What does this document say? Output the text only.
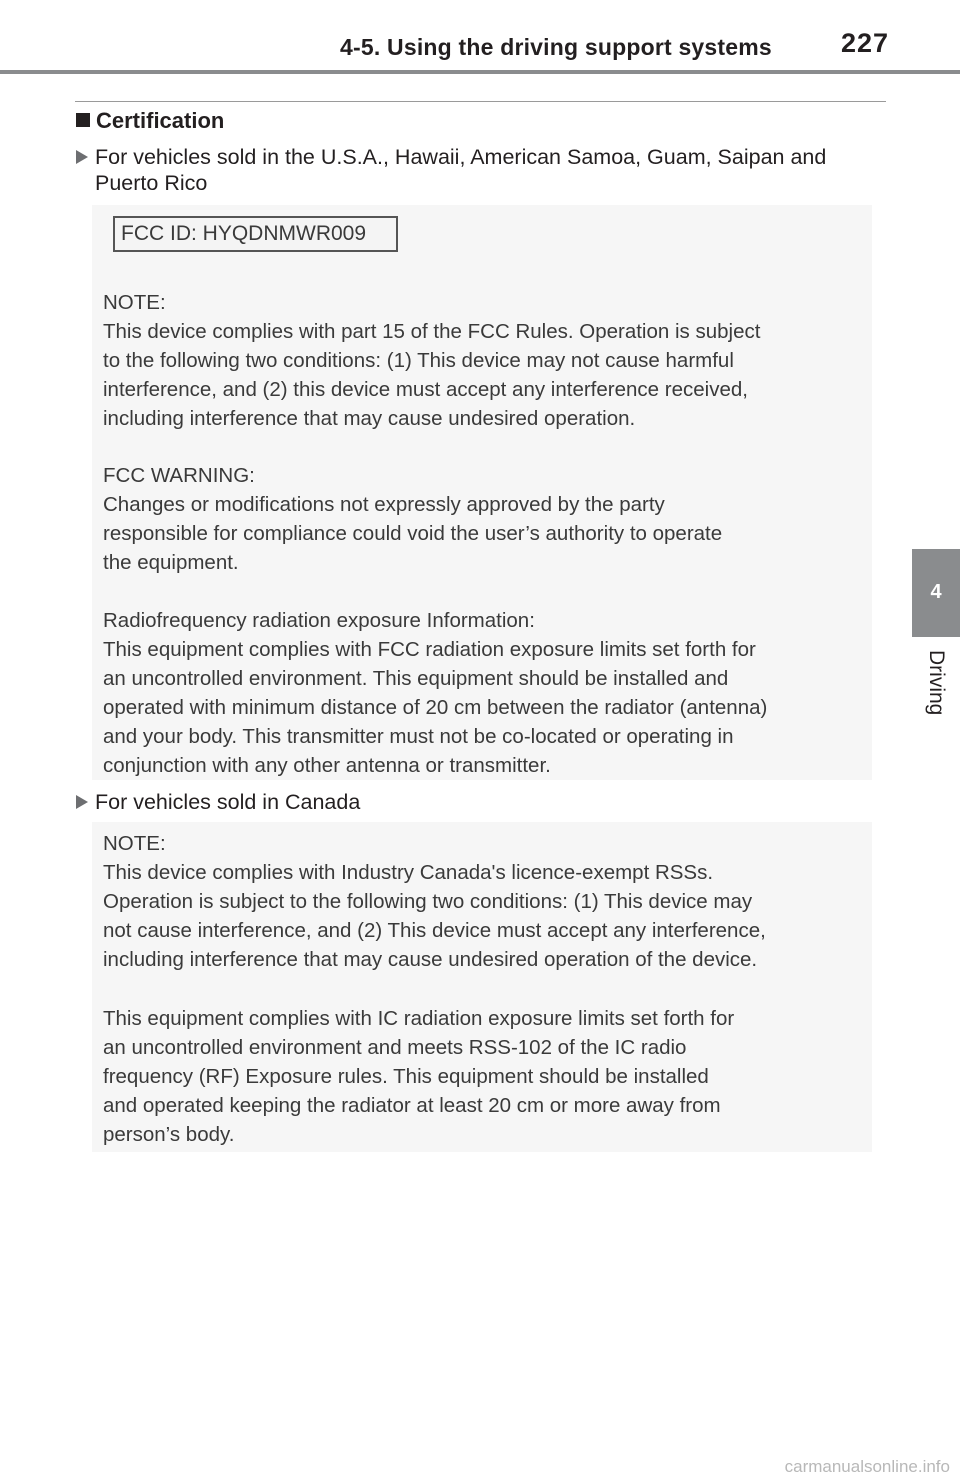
4-5. Using the driving support systems	227
4
Driving
Certification
For vehicles sold in the U.S.A., Hawaii, American Samoa, Guam, Saipan and Puerto Rico
FCC ID: HYQDNMWR009
NOTE:
This device complies with part 15 of the FCC Rules. Operation is subject
to the following two conditions: (1) This device may not cause harmful
interference, and (2) this device must accept any interference received,
including interference that may cause undesired operation.
FCC WARNING:
Changes or modifications not expressly approved by the party
responsible for compliance could void the user’s authority to operate
the equipment.
Radiofrequency radiation exposure Information:
This equipment complies with FCC radiation exposure limits set forth for
an uncontrolled environment. This equipment should be installed and
operated with minimum distance of 20 cm between the radiator (antenna)
and your body. This transmitter must not be co-located or operating in
conjunction with any other antenna or transmitter.
For vehicles sold in Canada
NOTE:
This device complies with Industry Canada's licence-exempt RSSs.
Operation is subject to the following two conditions: (1) This device may
not cause interference, and (2) This device must accept any interference,
including interference that may cause undesired operation of the device.
This equipment complies with IC radiation exposure limits set forth for
an uncontrolled environment and meets RSS-102 of the IC radio
frequency (RF) Exposure rules. This equipment should be installed
and operated keeping the radiator at least 20 cm or more away from
person’s body.
carmanualsonline.info
